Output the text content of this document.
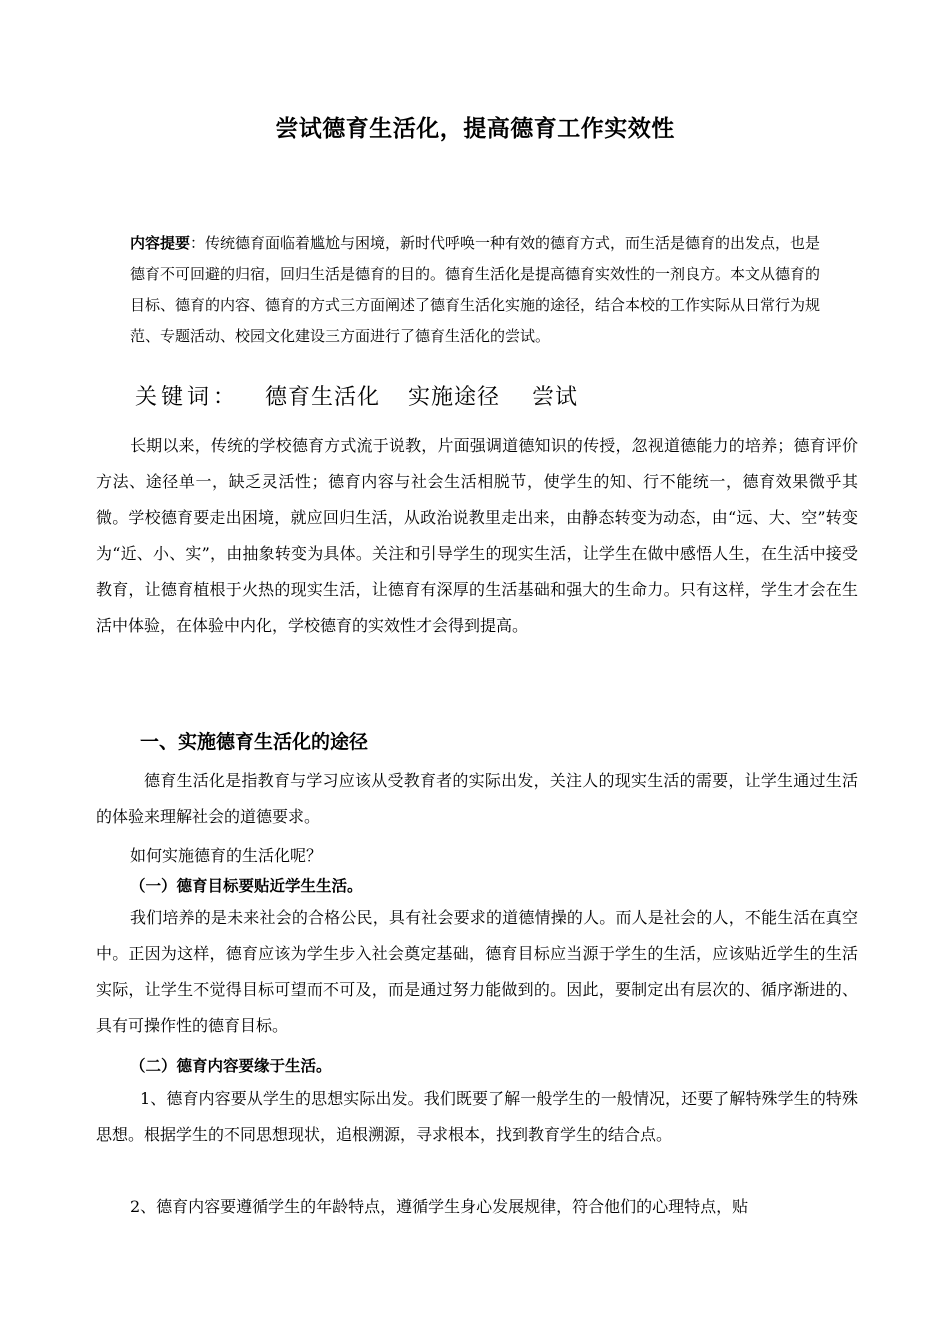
尝试德育生活化，提高德育工作实效性

内容提要：传统德育面临着尴尬与困境，新时代呼唤一种有效的德育方式，而生活是德育的出发点，也是德育不可回避的归宿，回归生活是德育的目的。德育生活化是提高德育实效性的一剂良方。本文从德育的目标、德育的内容、德育的方式三方面阐述了德育生活化实施的途径，结合本校的工作实际从日常行为规范、专题活动、校园文化建设三方面进行了德育生活化的尝试。

关键词： 德育生活化 实施途径 尝试

长期以来，传统的学校德育方式流于说教，片面强调道德知识的传授，忽视道德能力的培养；德育评价方法、途径单一，缺乏灵活性；德育内容与社会生活相脱节，使学生的知、行不能统一，德育效果微乎其微。学校德育要走出困境，就应回归生活，从政治说教里走出来，由静态转变为动态，由“远、大、空”转变为“近、小、实”，由抽象转变为具体。关注和引导学生的现实生活，让学生在做中感悟人生，在生活中接受教育，让德育植根于火热的现实生活，让德育有深厚的生活基础和强大的生命力。只有这样，学生才会在生活中体验，在体验中内化，学校德育的实效性才会得到提高。

一、实施德育生活化的途径

德育生活化是指教育与学习应该从受教育者的实际出发，关注人的现实生活的需要，让学生通过生活的体验来理解社会的道德要求。

如何实施德育的生活化呢？

（一）德育目标要贴近学生生活。

我们培养的是未来社会的合格公民，具有社会要求的道德情操的人。而人是社会的人，不能生活在真空中。正因为这样，德育应该为学生步入社会奠定基础，德育目标应当源于学生的生活，应该贴近学生的生活实际，让学生不觉得目标可望而不可及，而是通过努力能做到的。因此，要制定出有层次的、循序渐进的、具有可操作性的德育目标。

（二）德育内容要缘于生活。

1、德育内容要从学生的思想实际出发。我们既要了解一般学生的一般情况，还要了解特殊学生的特殊思想。根据学生的不同思想现状，追根溯源，寻求根本，找到教育学生的结合点。

2、德育内容要遵循学生的年龄特点，遵循学生身心发展规律，符合他们的心理特点，贴
